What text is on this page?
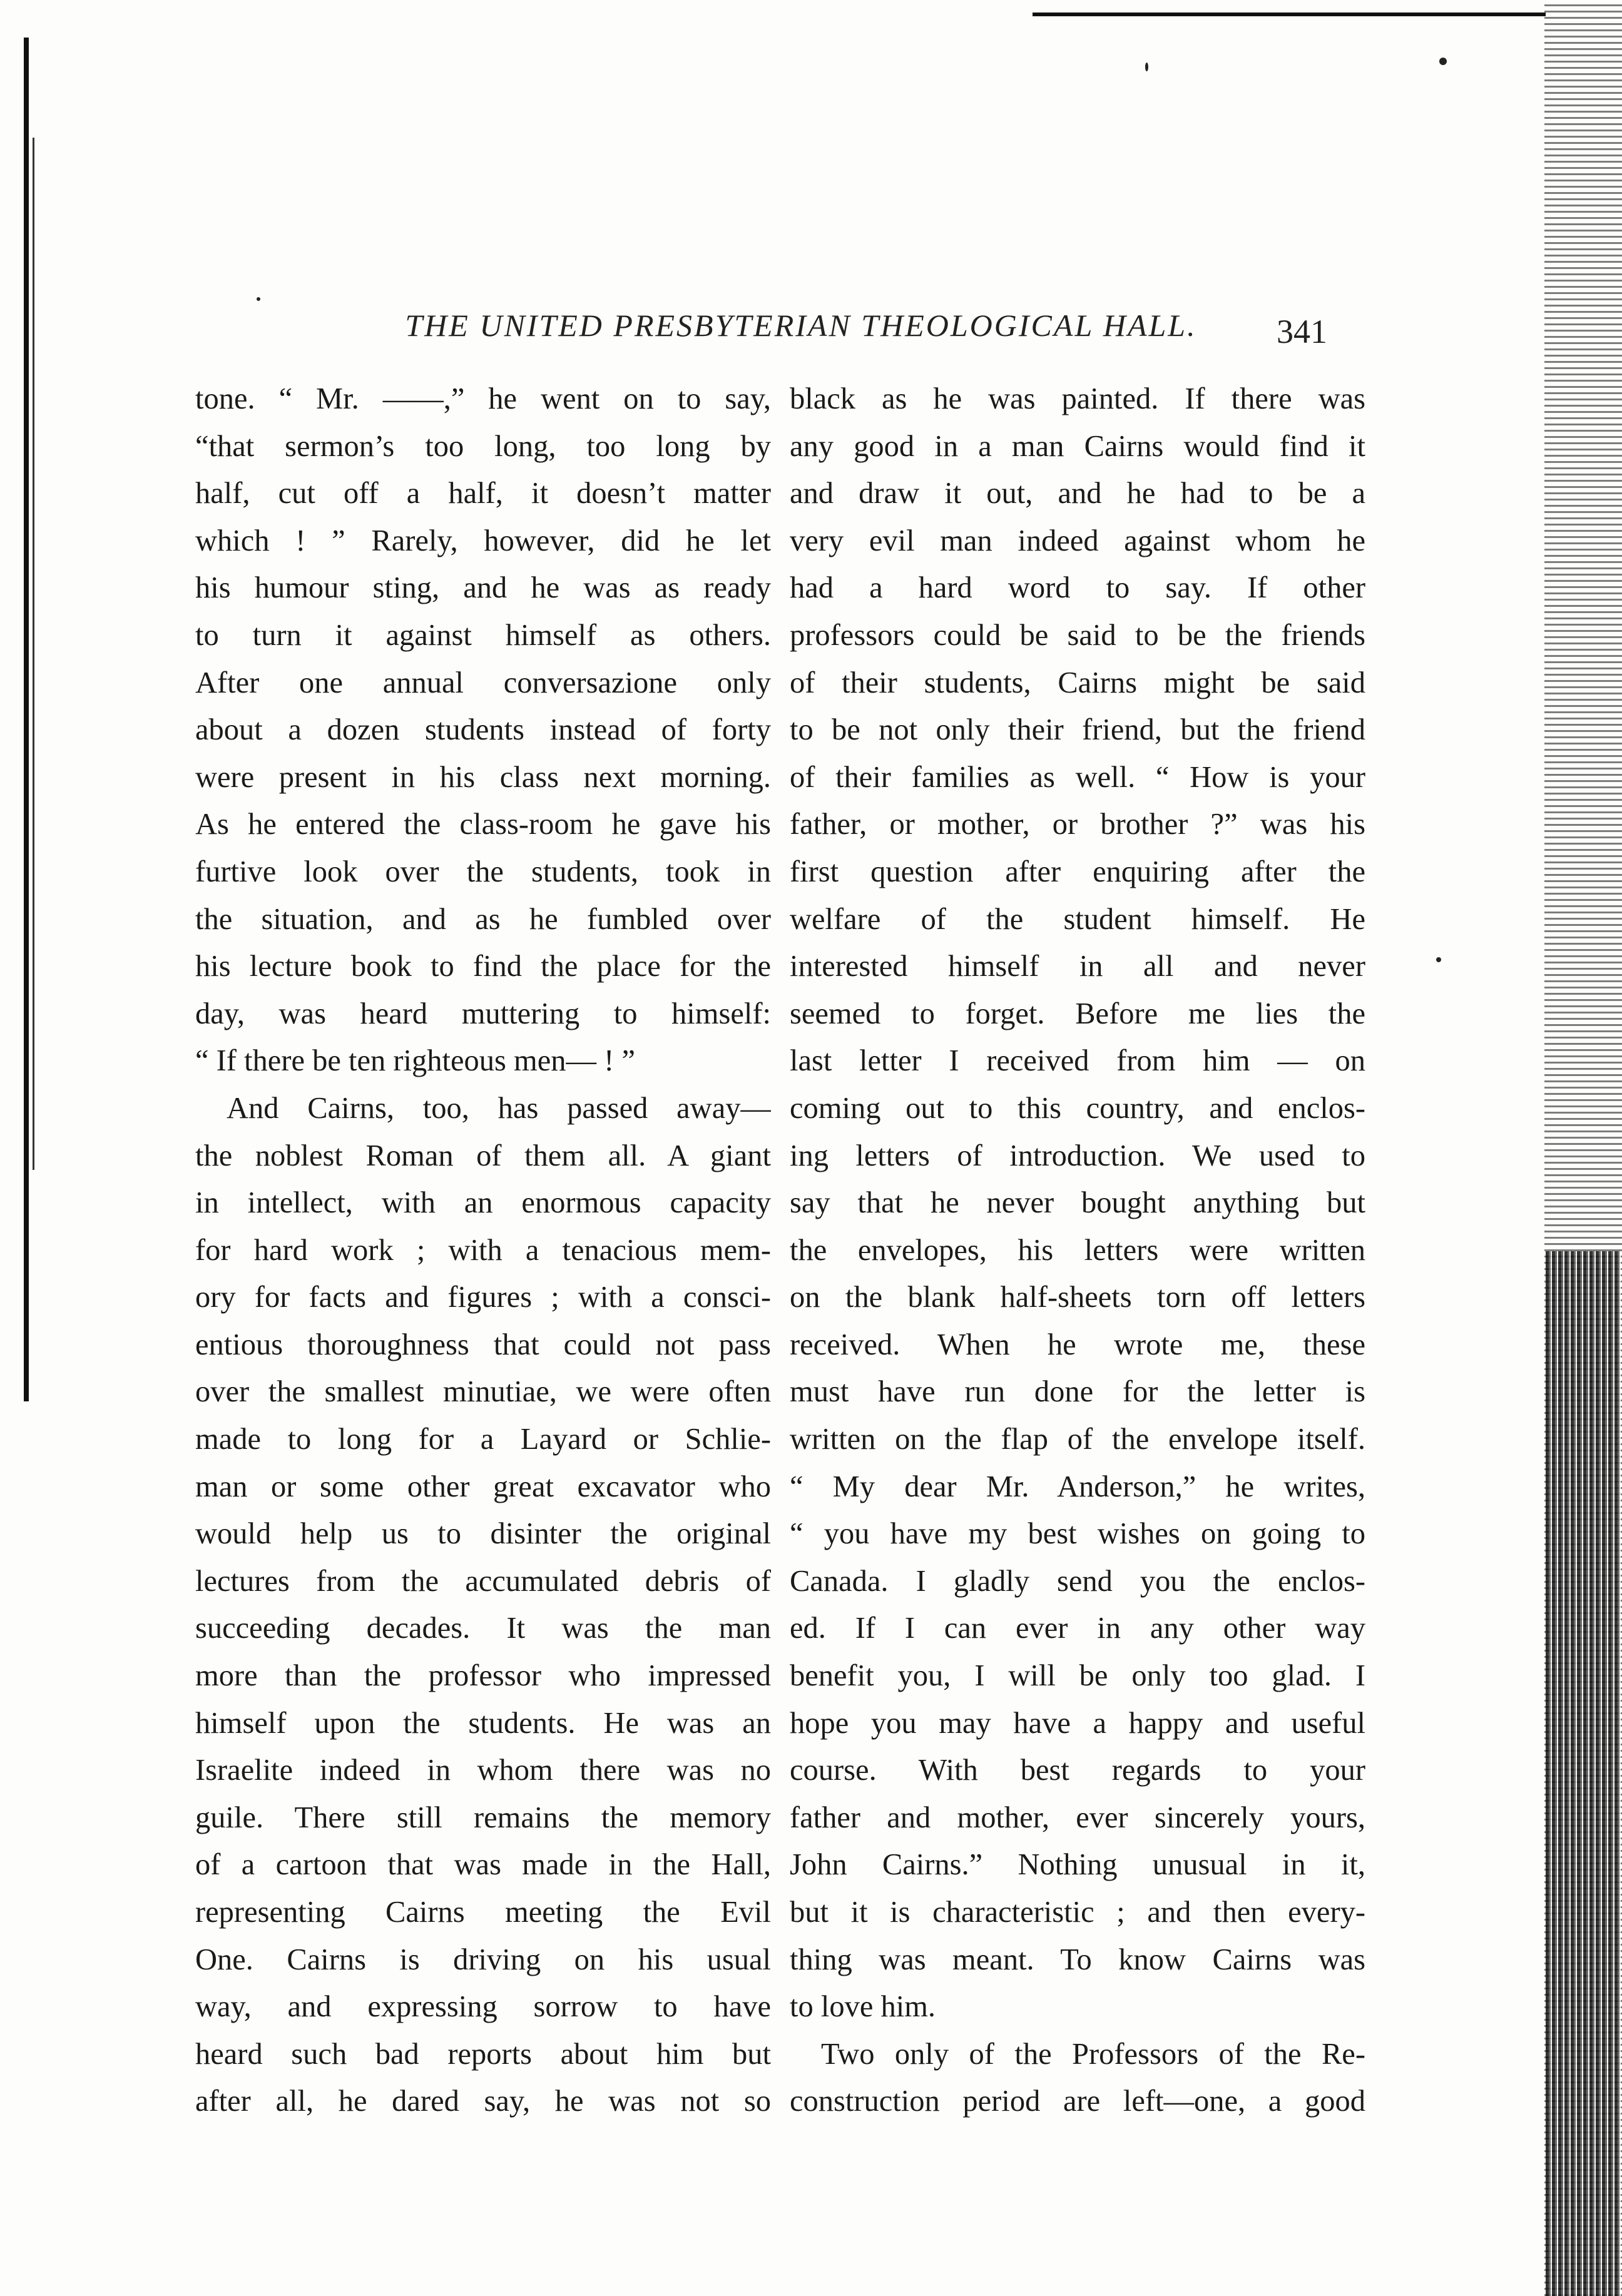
THE UNITED PRESBYTERIAN THEOLOGICAL HALL.	341
tone. “ Mr. ——,” he went on to say,
“that sermon’s too long, too long by
half, cut off a half, it doesn’t matter
which ! ” Rarely, however, did he let
his humour sting, and he was as ready
to turn it against himself as others.
After one annual conversazione only
about a dozen students instead of forty
were present in his class next morning.
As he entered the class-room he gave his
furtive look over the students, took in
the situation, and as he fumbled over
his lecture book to find the place for the
day, was heard muttering to himself:
“ If there be ten righteous men— ! ”
And Cairns, too, has passed away—
the noblest Roman of them all. A giant
in intellect, with an enormous capacity
for hard work ; with a tenacious mem-
ory for facts and figures ; with a consci-
entious thoroughness that could not pass
over the smallest minutiae, we were often
made to long for a Layard or Schlie-
man or some other great excavator who
would help us to disinter the original
lectures from the accumulated debris of
succeeding decades. It was the man
more than the professor who impressed
himself upon the students. He was an
Israelite indeed in whom there was no
guile. There still remains the memory
of a cartoon that was made in the Hall,
representing Cairns meeting the Evil
One. Cairns is driving on his usual
way, and expressing sorrow to have
heard such bad reports about him but
after all, he dared say, he was not so
black as he was painted. If there was
any good in a man Cairns would find it
and draw it out, and he had to be a
very evil man indeed against whom he
had a hard word to say. If other
professors could be said to be the friends
of their students, Cairns might be said
to be not only their friend, but the friend
of their families as well. “ How is your
father, or mother, or brother ?” was his
first question after enquiring after the
welfare of the student himself. He
interested himself in all and never
seemed to forget. Before me lies the
last letter I received from him — on
coming out to this country, and enclos-
ing letters of introduction. We used to
say that he never bought anything but
the envelopes, his letters were written
on the blank half-sheets torn off letters
received. When he wrote me, these
must have run done for the letter is
written on the flap of the envelope itself.
“ My dear Mr. Anderson,” he writes,
“ you have my best wishes on going to
Canada. I gladly send you the enclos-
ed. If I can ever in any other way
benefit you, I will be only too glad. I
hope you may have a happy and useful
course. With best regards to your
father and mother, ever sincerely yours,
John Cairns.” Nothing unusual in it,
but it is characteristic ; and then every-
thing was meant. To know Cairns was
to love him.
Two only of the Professors of the Re-
construction period are left—one, a good
